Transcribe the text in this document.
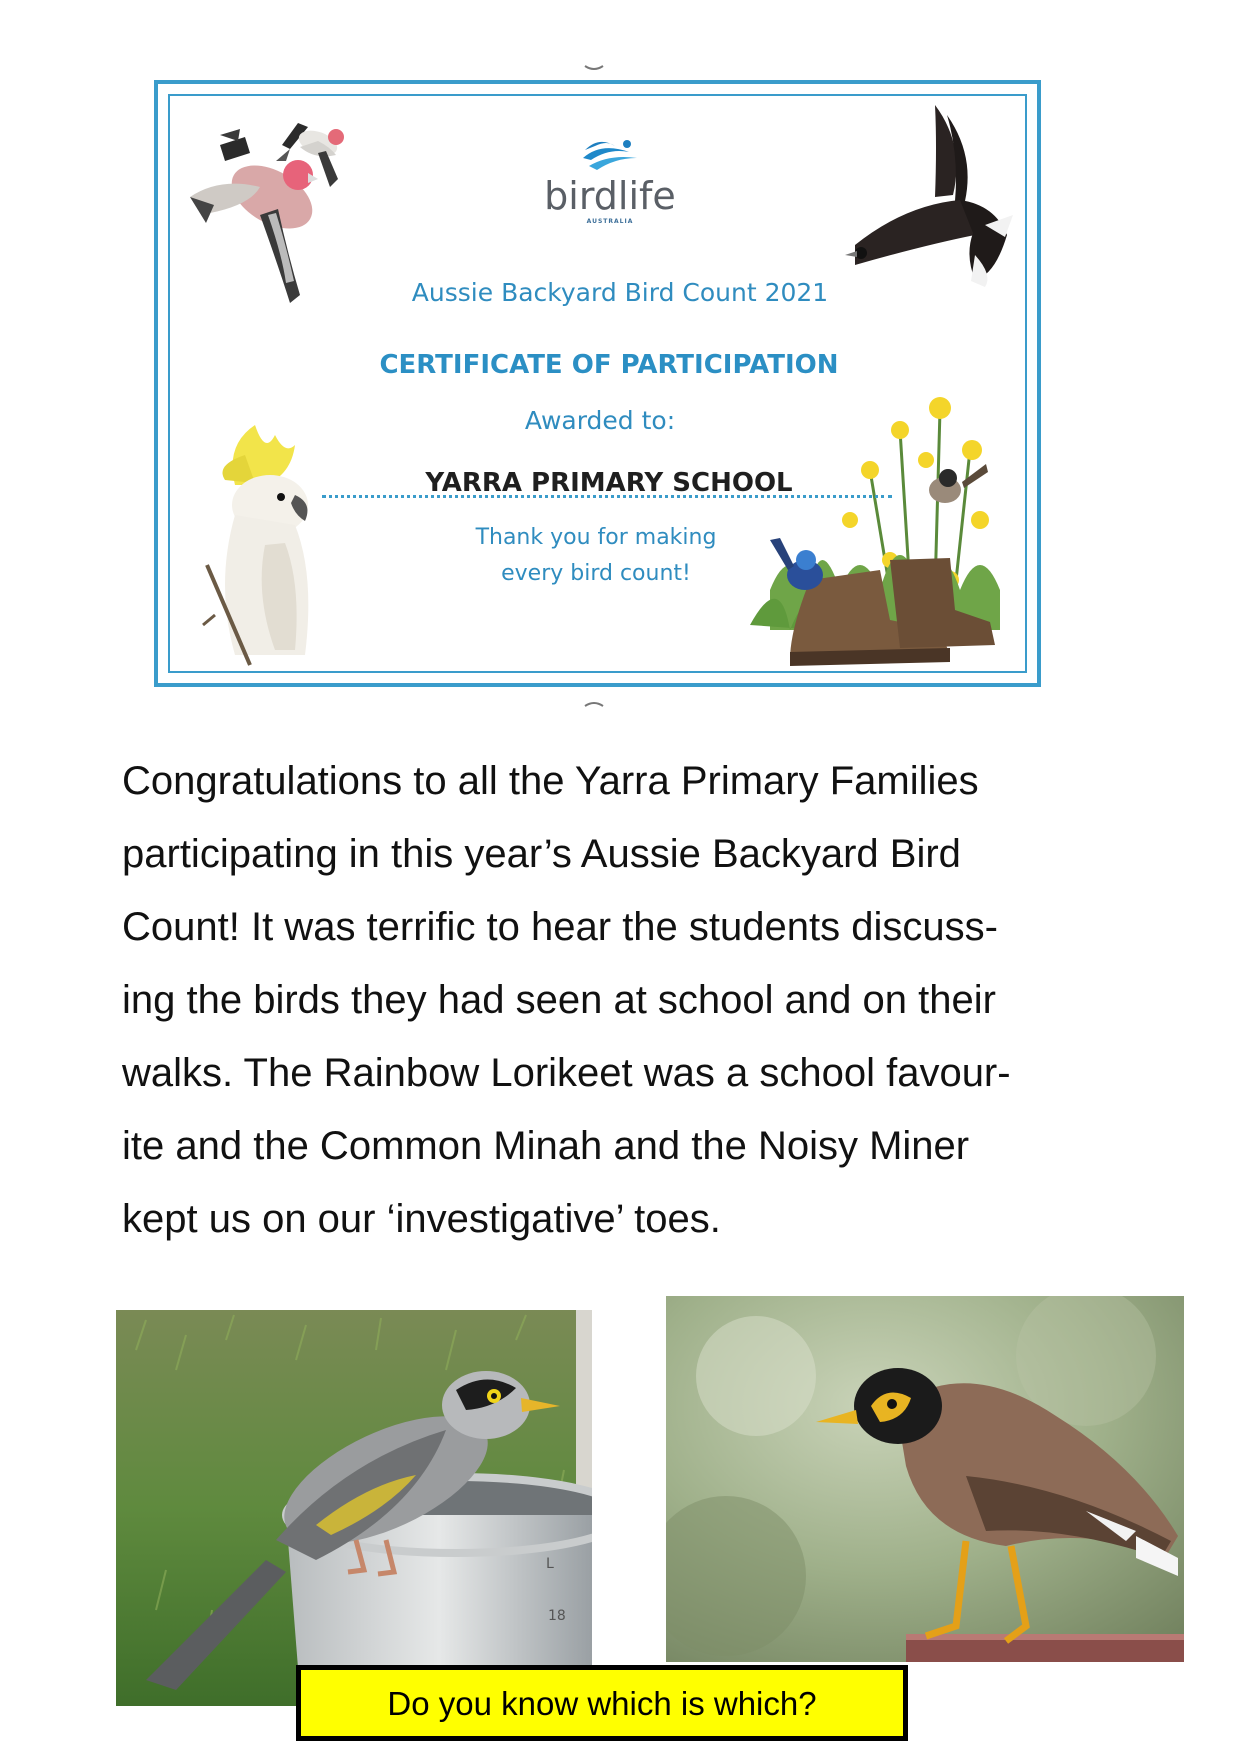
birdlife
AUSTRALIA
Aussie Backyard Bird Count 2021
CERTIFICATE OF PARTICIPATION
Awarded to:
YARRA PRIMARY SCHOOL
Thank you for making
every bird count!

Congratulations to all the Yarra Primary Families

participating in this year’s Aussie Backyard Bird

Count! It was terrific to hear the students discuss-

ing the birds they had seen at school and on their

walks. The Rainbow Lorikeet was a school favour-

ite and the Common Minah and the Noisy Miner

kept us on our ‘investigative’ toes.

L
18
Do you know which is which?
